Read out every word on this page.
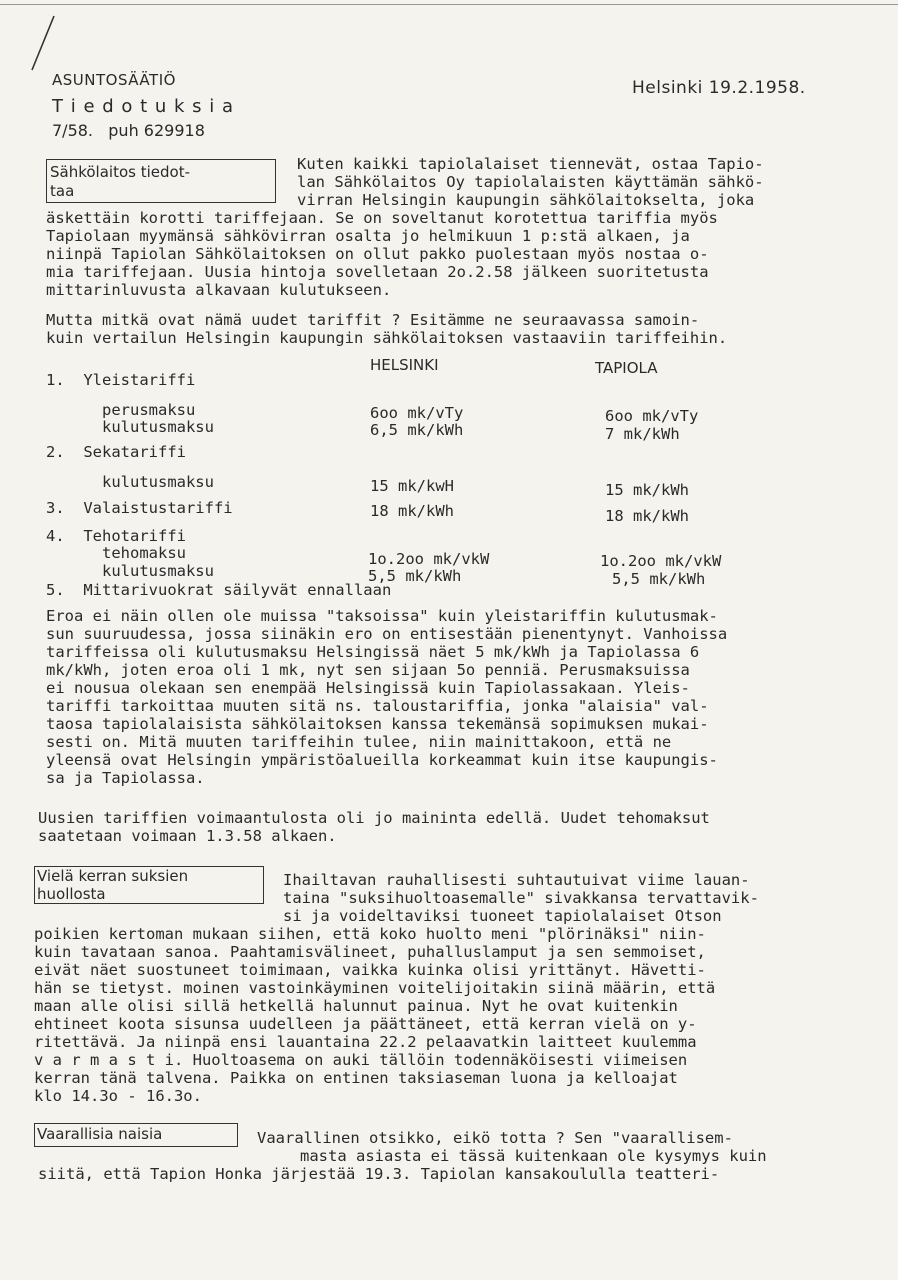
ASUNTOSÄÄTIÖ
T i e d o t u k s i a
7/58.   puh 629918
Helsinki 19.2.1958.
Sähkölaitos tiedot-
taa
Kuten kaikki tapiolalaiset tiennevät, ostaa Tapio-
lan Sähkölaitos Oy tapiolalaisten käyttämän sähkö-
virran Helsingin kaupungin sähkölaitokselta, joka
äskettäin korotti tariffejaan. Se on soveltanut korotettua tariffia myös
Tapiolaan myymänsä sähkövirran osalta jo helmikuun 1 p:stä alkaen, ja
niinpä Tapiolan Sähkölaitoksen on ollut pakko puolestaan myös nostaa o-
mia tariffejaan. Uusia hintoja sovelletaan 2o.2.58 jälkeen suoritetusta
mittarinluvusta alkavaan kulutukseen.
Mutta mitkä ovat nämä uudet tariffit ? Esitämme ne seuraavassa samoin-
kuin vertailun Helsingin kaupungin sähkölaitoksen vastaaviin tariffeihin.
HELSINKI	TAPIOLA
1.  Yleistariffi
perusmaksu	6oo mk/vTy	6oo mk/vTy
kulutusmaksu	6,5 mk/kWh	7 mk/kWh
2.  Sekatariffi
kulutusmaksu	15 mk/kwH	15 mk/kWh
3.  Valaistustariffi	18 mk/kWh	18 mk/kWh
4.  Tehotariffi
tehomaksu	1o.2oo mk/vkW	1o.2oo mk/vkW
kulutusmaksu	5,5 mk/kWh	5,5 mk/kWh
5.  Mittarivuokrat säilyvät ennallaan
Eroa ei näin ollen ole muissa "taksoissa" kuin yleistariffin kulutusmak-
sun suuruudessa, jossa siinäkin ero on entisestään pienentynyt. Vanhoissa
tariffeissa oli kulutusmaksu Helsingissä näet 5 mk/kWh ja Tapiolassa 6
mk/kWh, joten eroa oli 1 mk, nyt sen sijaan 5o penniä. Perusmaksuissa
ei nousua olekaan sen enempää Helsingissä kuin Tapiolassakaan. Yleis-
tariffi tarkoittaa muuten sitä ns. taloustariffia, jonka "alaisia" val-
taosa tapiolalaisista sähkölaitoksen kanssa tekemänsä sopimuksen mukai-
sesti on. Mitä muuten tariffeihin tulee, niin mainittakoon, että ne
yleensä ovat Helsingin ympäristöalueilla korkeammat kuin itse kaupungis-
sa ja Tapiolassa.
Uusien tariffien voimaantulosta oli jo maininta edellä. Uudet tehomaksut
saatetaan voimaan 1.3.58 alkaen.
Vielä kerran suksien
huollosta
Ihailtavan rauhallisesti suhtautuivat viime lauan-
taina "suksihuoltoasemalle" sivakkansa tervattavik-
si ja voideltaviksi tuoneet tapiolalaiset Otson
poikien kertoman mukaan siihen, että koko huolto meni "plörinäksi" niin-
kuin tavataan sanoa. Paahtamisvälineet, puhalluslamput ja sen semmoiset,
eivät näet suostuneet toimimaan, vaikka kuinka olisi yrittänyt. Hävetti-
hän se tietyst. moinen vastoinkäyminen voitelijoitakin siinä määrin, että
maan alle olisi sillä hetkellä halunnut painua. Nyt he ovat kuitenkin
ehtineet koota sisunsa uudelleen ja päättäneet, että kerran vielä on y-
ritettävä. Ja niinpä ensi lauantaina 22.2 pelaavatkin laitteet kuulemma
v a r m a s t i. Huoltoasema on auki tällöin todennäköisesti viimeisen
kerran tänä talvena. Paikka on entinen taksiaseman luona ja kelloajat
klo 14.3o - 16.3o.
Vaarallisia naisia	Vaarallinen otsikko, eikö totta ? Sen "vaarallisem-
masta asiasta ei tässä kuitenkaan ole kysymys kuin
siitä, että Tapion Honka järjestää 19.3. Tapiolan kansakoululla teatteri-
